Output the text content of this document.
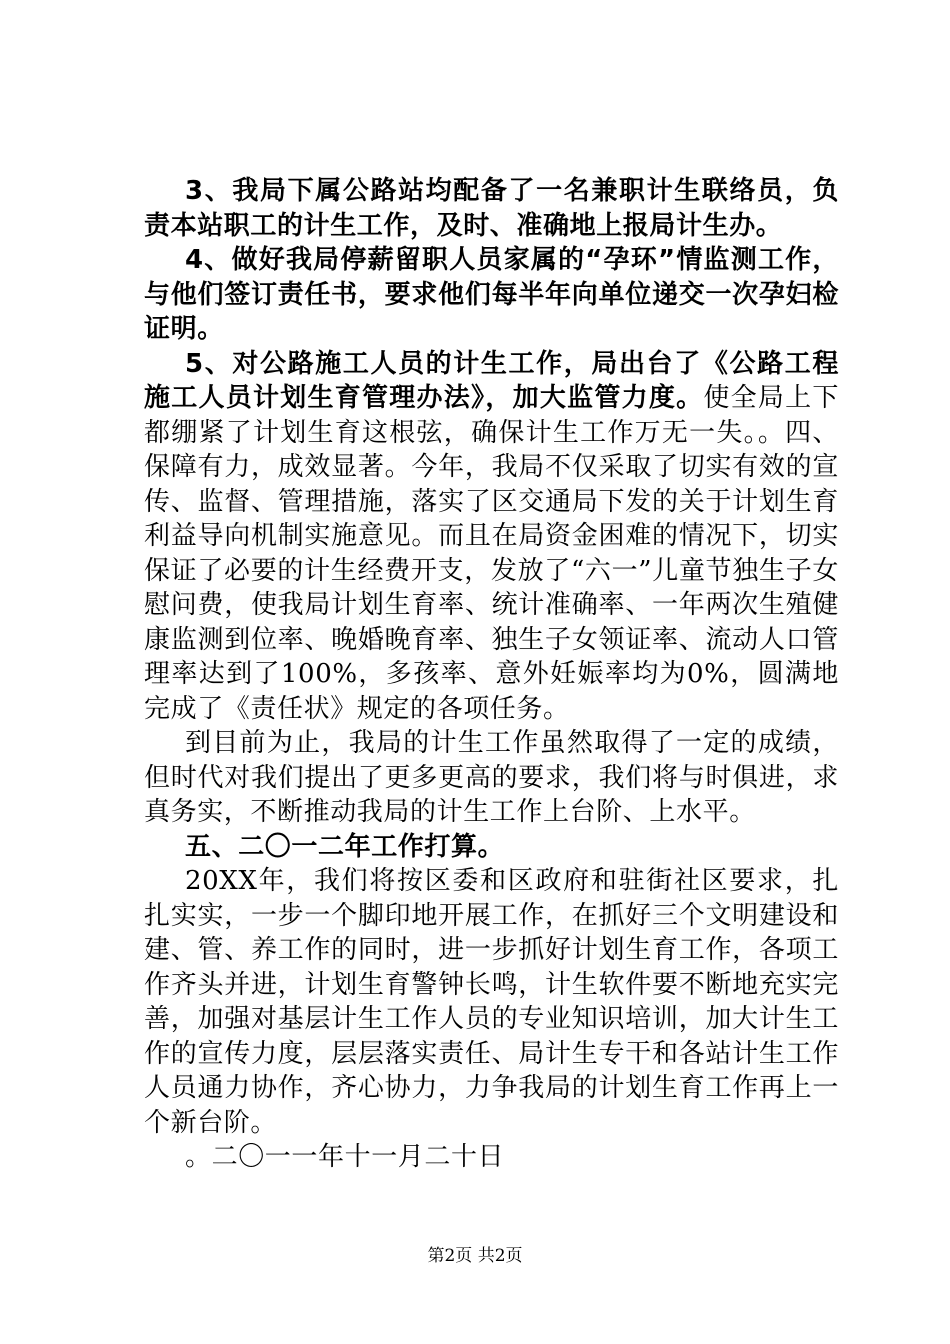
3、我局下属公路站均配备了一名兼职计生联络员，负责本站职工的计生工作，及时、准确地上报局计生办。

4、做好我局停薪留职人员家属的“孕环”情监测工作，与他们签订责任书，要求他们每半年向单位递交一次孕妇检证明。

5、对公路施工人员的计生工作，局出台了《公路工程施工人员计划生育管理办法》，加大监管力度。使全局上下都绷紧了计划生育这根弦，确保计生工作万无一失。。四、保障有力，成效显著。今年，我局不仅采取了切实有效的宣传、监督、管理措施，落实了区交通局下发的关于计划生育利益导向机制实施意见。而且在局资金困难的情况下，切实保证了必要的计生经费开支，发放了“六一”儿童节独生子女慰问费，使我局计划生育率、统计准确率、一年两次生殖健康监测到位率、晚婚晚育率、独生子女领证率、流动人口管理率达到了100%，多孩率、意外妊娠率均为0%，圆满地完成了《责任状》规定的各项任务。

到目前为止，我局的计生工作虽然取得了一定的成绩，但时代对我们提出了更多更高的要求，我们将与时俱进，求真务实，不断推动我局的计生工作上台阶、上水平。

五、二〇一二年工作打算。

20XX年，我们将按区委和区政府和驻街社区要求，扎扎实实，一步一个脚印地开展工作，在抓好三个文明建设和建、管、养工作的同时，进一步抓好计划生育工作，各项工作齐头并进，计划生育警钟长鸣，计生软件要不断地充实完善，加强对基层计生工作人员的专业知识培训，加大计生工作的宣传力度，层层落实责任、局计生专干和各站计生工作人员通力协作，齐心协力，力争我局的计划生育工作再上一个新台阶。

。二〇一一年十一月二十日

第2页 共2页
